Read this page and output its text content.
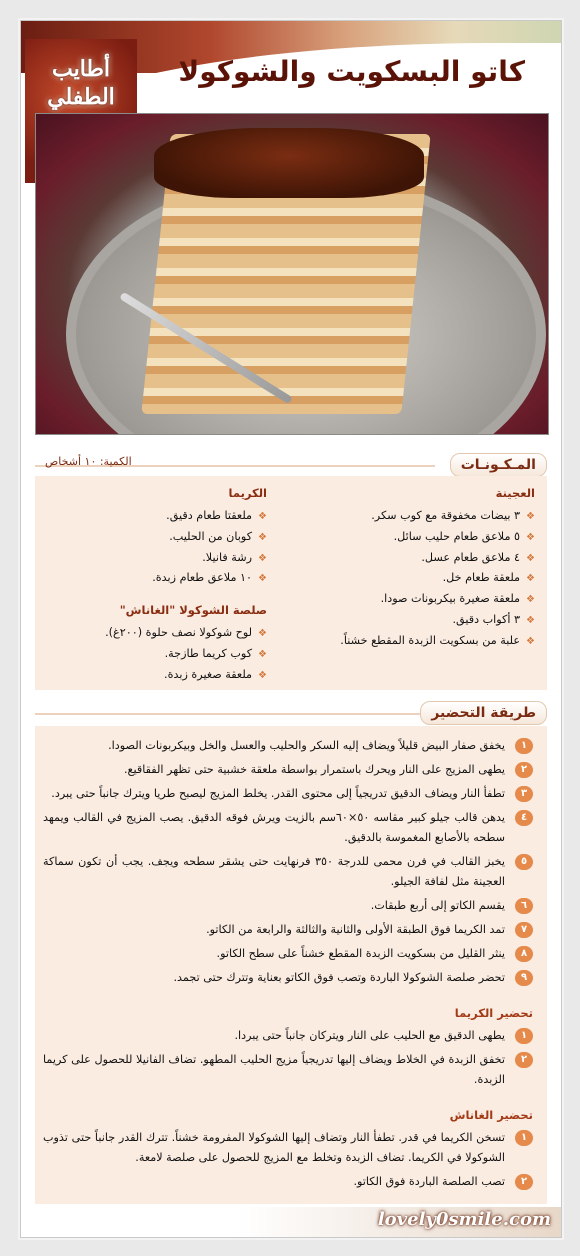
أطايب الطفلي
كاتو البسكويت والشوكولا
المـكـونـات
الكمية: ١٠ أشخاص
العجينة
❖٣ بيضات مخفوقة مع كوب سكر.
❖٥ ملاعق طعام حليب سائل.
❖٤ ملاعق طعام عسل.
❖ملعقة طعام خل.
❖ملعقة صغيرة بيكربونات صودا.
❖٣ أكواب دقيق.
❖علبة من بسكويت الزبدة المقطع خشناً.
الكريما
❖ملعقتا طعام دقيق.
❖كوبان من الحليب.
❖رشة فانيلا.
❖١٠ ملاعق طعام زبدة.
صلصة الشوكولا "الغاناش"
❖لوح شوكولا نصف حلوة (٢٠٠غ).
❖كوب كريما طازجة.
❖ملعقة صغيرة زبدة.
طريقة التحضير
١
يخفق صفار البيض قليلاً ويضاف إليه السكر والحليب والعسل والخل وبيكربونات الصودا.
٢
يطهى المزيج على النار ويحرك باستمرار بواسطة ملعقة خشبية حتى تظهر الفقاقيع.
٣
تطفأ النار ويضاف الدقيق تدريجياً إلى محتوى القدر. يخلط المزيج ليصبح طريا ويترك جانباً حتى يبرد.
٤
يدهن قالب جيلو كبير مقاسه ٥٠×٦٠سم بالزيت ويرش فوقه الدقيق. يصب المزيج في القالب ويمهد سطحه بالأصابع المغموسة بالدقيق.
٥
يخبز القالب في فرن محمى للدرجة ٣٥٠ فرنهايت حتى يشقر سطحه ويجف. يجب أن تكون سماكة العجينة مثل لفافة الجيلو.
٦
يقسم الكاتو إلى أربع طبقات.
٧
تمد الكريما فوق الطبقة الأولى والثانية والثالثة والرابعة من الكاتو.
٨
ينثر القليل من بسكويت الزبدة المقطع خشناً على سطح الكاتو.
٩
تحضر صلصة الشوكولا الباردة وتصب فوق الكاتو بعناية وتترك حتى تجمد.
تحضير الكريما
١
يطهى الدقيق مع الحليب على النار ويتركان جانباً حتى يبردا.
٢
تخفق الزبدة في الخلاط ويضاف إليها تدريجياً مزيج الحليب المطهو. تضاف الفانيلا للحصول على كريما الزبدة.
تحضير الغاناش
١
تسخن الكريما في قدر. تطفأ النار وتضاف إليها الشوكولا المفرومة خشناً. تترك القدر جانباً حتى تذوب الشوكولا في الكريما. تضاف الزبدة وتخلط مع المزيج للحصول على صلصة لامعة.
٢
تصب الصلصة الباردة فوق الكاتو.
lovely0smile.com
